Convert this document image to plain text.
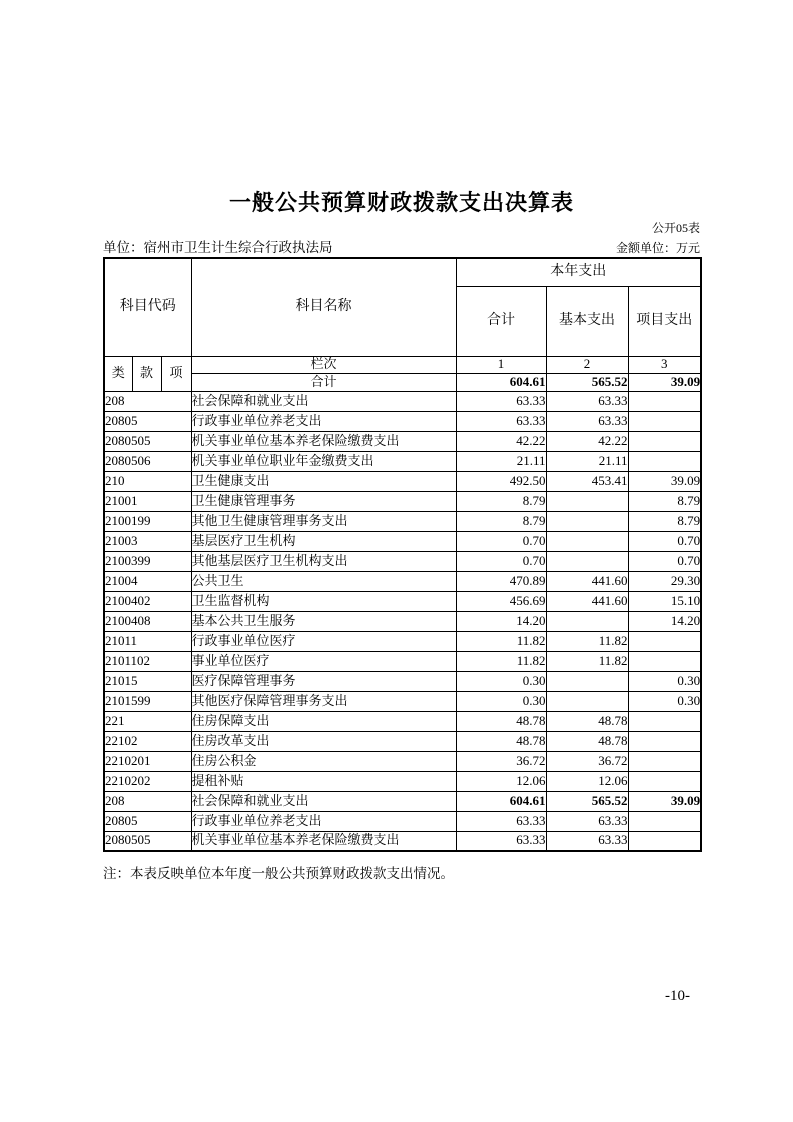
一般公共预算财政拨款支出决算表
公开05表
单位：宿州市卫生计生综合行政执法局	金额单位：万元
科目代码			科目名称	本年支出		
				合计	基本支出	项目支出
类	款	项	栏次	1	2	3
			合计	604.61	565.52	39.09
208			社会保障和就业支出	63.33	63.33	
20805			行政事业单位养老支出	63.33	63.33	
2080505			机关事业单位基本养老保险缴费支出	42.22	42.22	
2080506			机关事业单位职业年金缴费支出	21.11	21.11	
210			卫生健康支出	492.50	453.41	39.09
21001			卫生健康管理事务	8.79		8.79
2100199			其他卫生健康管理事务支出	8.79		8.79
21003			基层医疗卫生机构	0.70		0.70
2100399			其他基层医疗卫生机构支出	0.70		0.70
21004			公共卫生	470.89	441.60	29.30
2100402			卫生监督机构	456.69	441.60	15.10
2100408			基本公共卫生服务	14.20		14.20
21011			行政事业单位医疗	11.82	11.82	
2101102			事业单位医疗	11.82	11.82	
21015			医疗保障管理事务	0.30		0.30
2101599			其他医疗保障管理事务支出	0.30		0.30
221			住房保障支出	48.78	48.78	
22102			住房改革支出	48.78	48.78	
2210201			住房公积金	36.72	36.72	
2210202			提租补贴	12.06	12.06	
208			社会保障和就业支出	604.61	565.52	39.09
20805			行政事业单位养老支出	63.33	63.33	
2080505			机关事业单位基本养老保险缴费支出	63.33	63.33	
注：本表反映单位本年度一般公共预算财政拨款支出情况。
-10-
